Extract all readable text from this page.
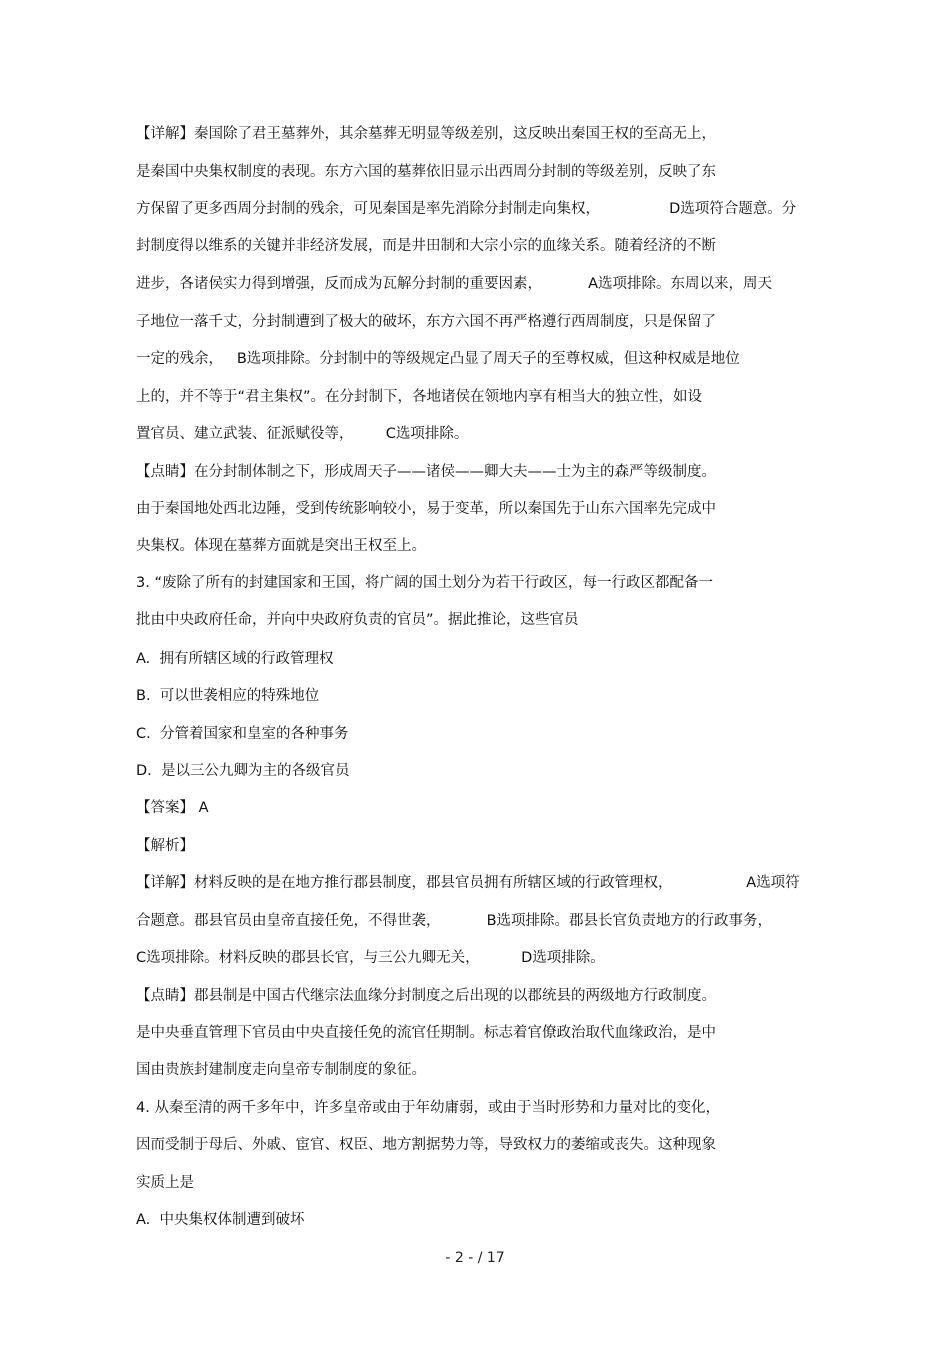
【详解】秦国除了君王墓葬外，其余墓葬无明显等级差别，这反映出秦国王权的至高无上，
是秦国中央集权制度的表现。东方六国的墓葬依旧显示出西周分封制的等级差别，反映了东
方保留了更多西周分封制的残余，可见秦国是率先消除分封制走向集权，               D选项符合题意。分
封制度得以维系的关键并非经济发展，而是井田制和大宗小宗的血缘关系。随着经济的不断
进步，各诸侯实力得到增强，反而成为瓦解分封制的重要因素，          A选项排除。东周以来，周天
子地位一落千丈，分封制遭到了极大的破坏，东方六国不再严格遵行西周制度，只是保留了
一定的残余，   B选项排除。分封制中的等级规定凸显了周天子的至尊权威，但这种权威是地位
上的，并不等于“君主集权”。在分封制下，各地诸侯在领地内享有相当大的独立性，如设
置官员、建立武装、征派赋役等，       C选项排除。
【点睛】在分封制体制之下，形成周天子——诸侯——卿大夫——士为主的森严等级制度。
由于秦国地处西北边陲，受到传统影响较小，易于变革，所以秦国先于山东六国率先完成中
央集权。体现在墓葬方面就是突出王权至上。
3. “废除了所有的封建国家和王国，将广阔的国土划分为若干行政区，每一行政区都配备一
批由中央政府任命，并向中央政府负责的官员”。据此推论，这些官员
A.  拥有所辖区域的行政管理权
B.  可以世袭相应的特殊地位
C.  分管着国家和皇室的各种事务
D.  是以三公九卿为主的各级官员
【答案】 A
【解析】
【详解】材料反映的是在地方推行郡县制度，郡县官员拥有所辖区域的行政管理权，                A选项符
合题意。郡县官员由皇帝直接任免，不得世袭，          B选项排除。郡县长官负责地方的行政事务，
C选项排除。材料反映的郡县长官，与三公九卿无关，         D选项排除。
【点睛】郡县制是中国古代继宗法血缘分封制度之后出现的以郡统县的两级地方行政制度。
是中央垂直管理下官员由中央直接任免的流官任期制。标志着官僚政治取代血缘政治，是中
国由贵族封建制度走向皇帝专制制度的象征。
4. 从秦至清的两千多年中，许多皇帝或由于年幼庸弱，或由于当时形势和力量对比的变化，
因而受制于母后、外戚、宦官、权臣、地方割据势力等，导致权力的萎缩或丧失。这种现象
实质上是
A.  中央集权体制遭到破坏
- 2 - / 17
